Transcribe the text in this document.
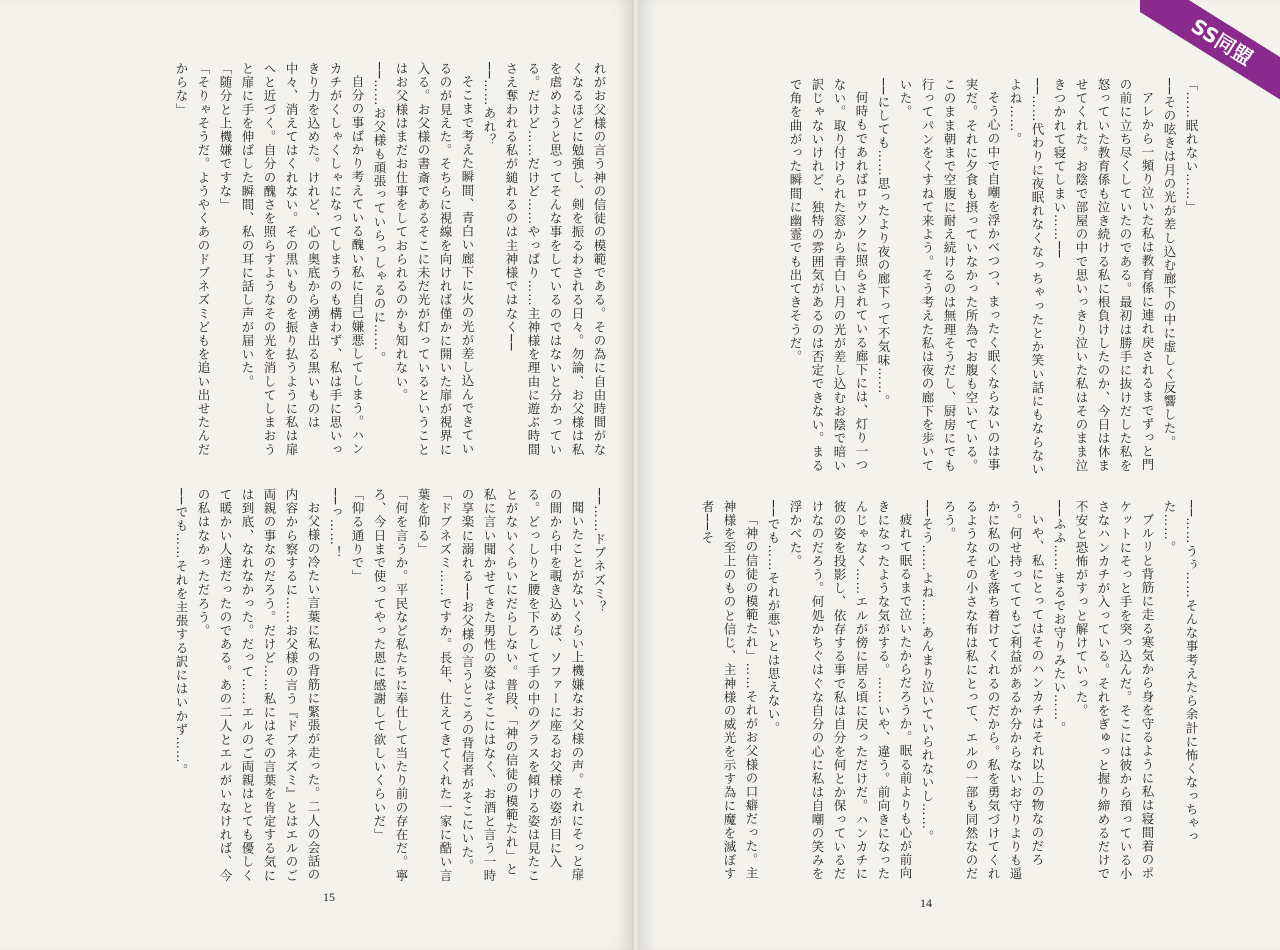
れがお父様の言う神の信徒の模範である。その為に自由時間がなくなるほどに勉強し、剣を振るわされる日々。勿論、お父様は私を虐めようと思ってそんな事をしているのではないと分かっている。だけど……だけど……やっぱり……主神様を理由に遊ぶ時間さえ奪われる私が縋れるのは主神様ではなく──

──……あれ？

そこまで考えた瞬間、青白い廊下に火の光が差し込んできているのが見えた。そちらに視線を向ければ僅かに開いた扉が視界に入る。お父様の書斎であるそこに未だ光が灯っているということはお父様はまだお仕事をしておられるのかも知れない。

──……お父様も頑張っていらっしゃるのに……。

自分の事ばかり考えている醜い私に自己嫌悪してしまう。ハンカチがくしゃくしゃになってしまうのも構わず、私は手に思いっきり力を込めた。けれど、心の奥底から湧き出る黒いものは中々、消えてはくれない。その黒いものを振り払うように私は扉へと近づく。自分の醜さを照らすようなその光を消してしまおうと扉に手を伸ばした瞬間、私の耳に話し声が届いた。

「随分と上機嫌ですな」

「そりゃそうだ。ようやくあのドブネズミどもを追い出せたんだからな」

──……ドブネズミ？

聞いたことがないくらい上機嫌なお父様の声。それにそっと扉の間から中を覗き込めば、ソファーに座るお父様の姿が目に入る。どっしりと腰を下ろして手の中のグラスを傾ける姿は見たことがないくらいにだらしない。普段、「神の信徒の模範たれ」と私に言い聞かせてきた男性の姿はそこにはなく、お酒と言う一時の享楽に溺れる──お父様の言うところの背信者がそこにいた。

「ドブネズミ……ですか。長年、仕えてきてくれた一家に酷い言葉を仰る」

「何を言うか。平民など私たちに奉仕して当たり前の存在だ。寧ろ、今日まで使ってやった恩に感謝して欲しいくらいだ」

「仰る通りで」

──っ……！

お父様の冷たい言葉に私の背筋に緊張が走った。二人の会話の内容から察するに……お父様の言う『ドブネズミ』とはエルのご両親の事なのだろう。だけど……私にはその言葉を肯定する気には到底、なれなかった。だって……エルのご両親はとても優しくて暖かい人達だったのである。あの二人とエルがいなければ、今の私はなかっただろう。

──でも……それを主張する訳にはいかず……。

15

「……眠れない……」

──その呟きは月の光が差し込む廊下の中に虚しく反響した。

アレから一頻り泣いた私は教育係に連れ戻されるまでずっと門の前に立ち尽くしていたのである。最初は勝手に抜けだした私を怒っていた教育係も泣き続ける私に根負けしたのか、今日は休ませてくれた。お陰で部屋の中で思いっきり泣いた私はそのまま泣きつかれて寝てしまい……──

──……代わりに夜眠れなくなっちゃったとか笑い話にもならないよね……。

そう心の中で自嘲を浮かべつつ、まったく眠くならないのは事実だ。それに夕食も摂っていなかった所為でお腹も空いている。このまま朝まで空腹に耐え続けるのは無理そうだし、厨房にでも行ってパンをくすねて来よう。そう考えた私は夜の廊下を歩いていた。

──にしても……思ったより夜の廊下って不気味……。

何時もであればロウソクに照らされている廊下には、灯り一つない。取り付けられた窓から青白い月の光が差し込むお陰で暗い訳じゃないけれど、独特の雰囲気があるのは否定できない。まるで角を曲がった瞬間に幽霊でも出てきそうだ。

──……うぅ……そんな事考えたら余計に怖くなっちゃった……。

ブルリと背筋に走る寒気から身を守るように私は寝間着のポケットにそっと手を突っ込んだ。そこには彼から預っている小さなハンカチが入っている。それをぎゅっと握り締めるだけで不安と恐怖がすっと解けていった。

──ふふ……まるでお守りみたい……。

いや、私にとってはそのハンカチはそれ以上の物なのだろう。何せ持っててもご利益があるか分からないお守りよりも遥かに私の心を落ち着けてくれるのだから。私を勇気づけてくれるようなその小さな布は私にとって、エルの一部も同然なのだろう。

──そう……よね……あんまり泣いていられないし……。

疲れて眠るまで泣いたからだろうか。眠る前よりも心が前向きになったような気がする。……いや、違う。前向きになったんじゃなく……エルが傍に居る頃に戻っただけだ。ハンカチに彼の姿を投影し、依存する事で私は自分を何とか保っているだけなのだろう。何処かちぐはぐな自分の心に私は自嘲の笑みを浮かべた。

──でも……それが悪いとは思えない。

「神の信徒の模範たれ」……それがお父様の口癖だった。主神様を至上のものと信じ、主神様の威光を示す為に魔を滅ぼす者──そ

14
SS同盟
